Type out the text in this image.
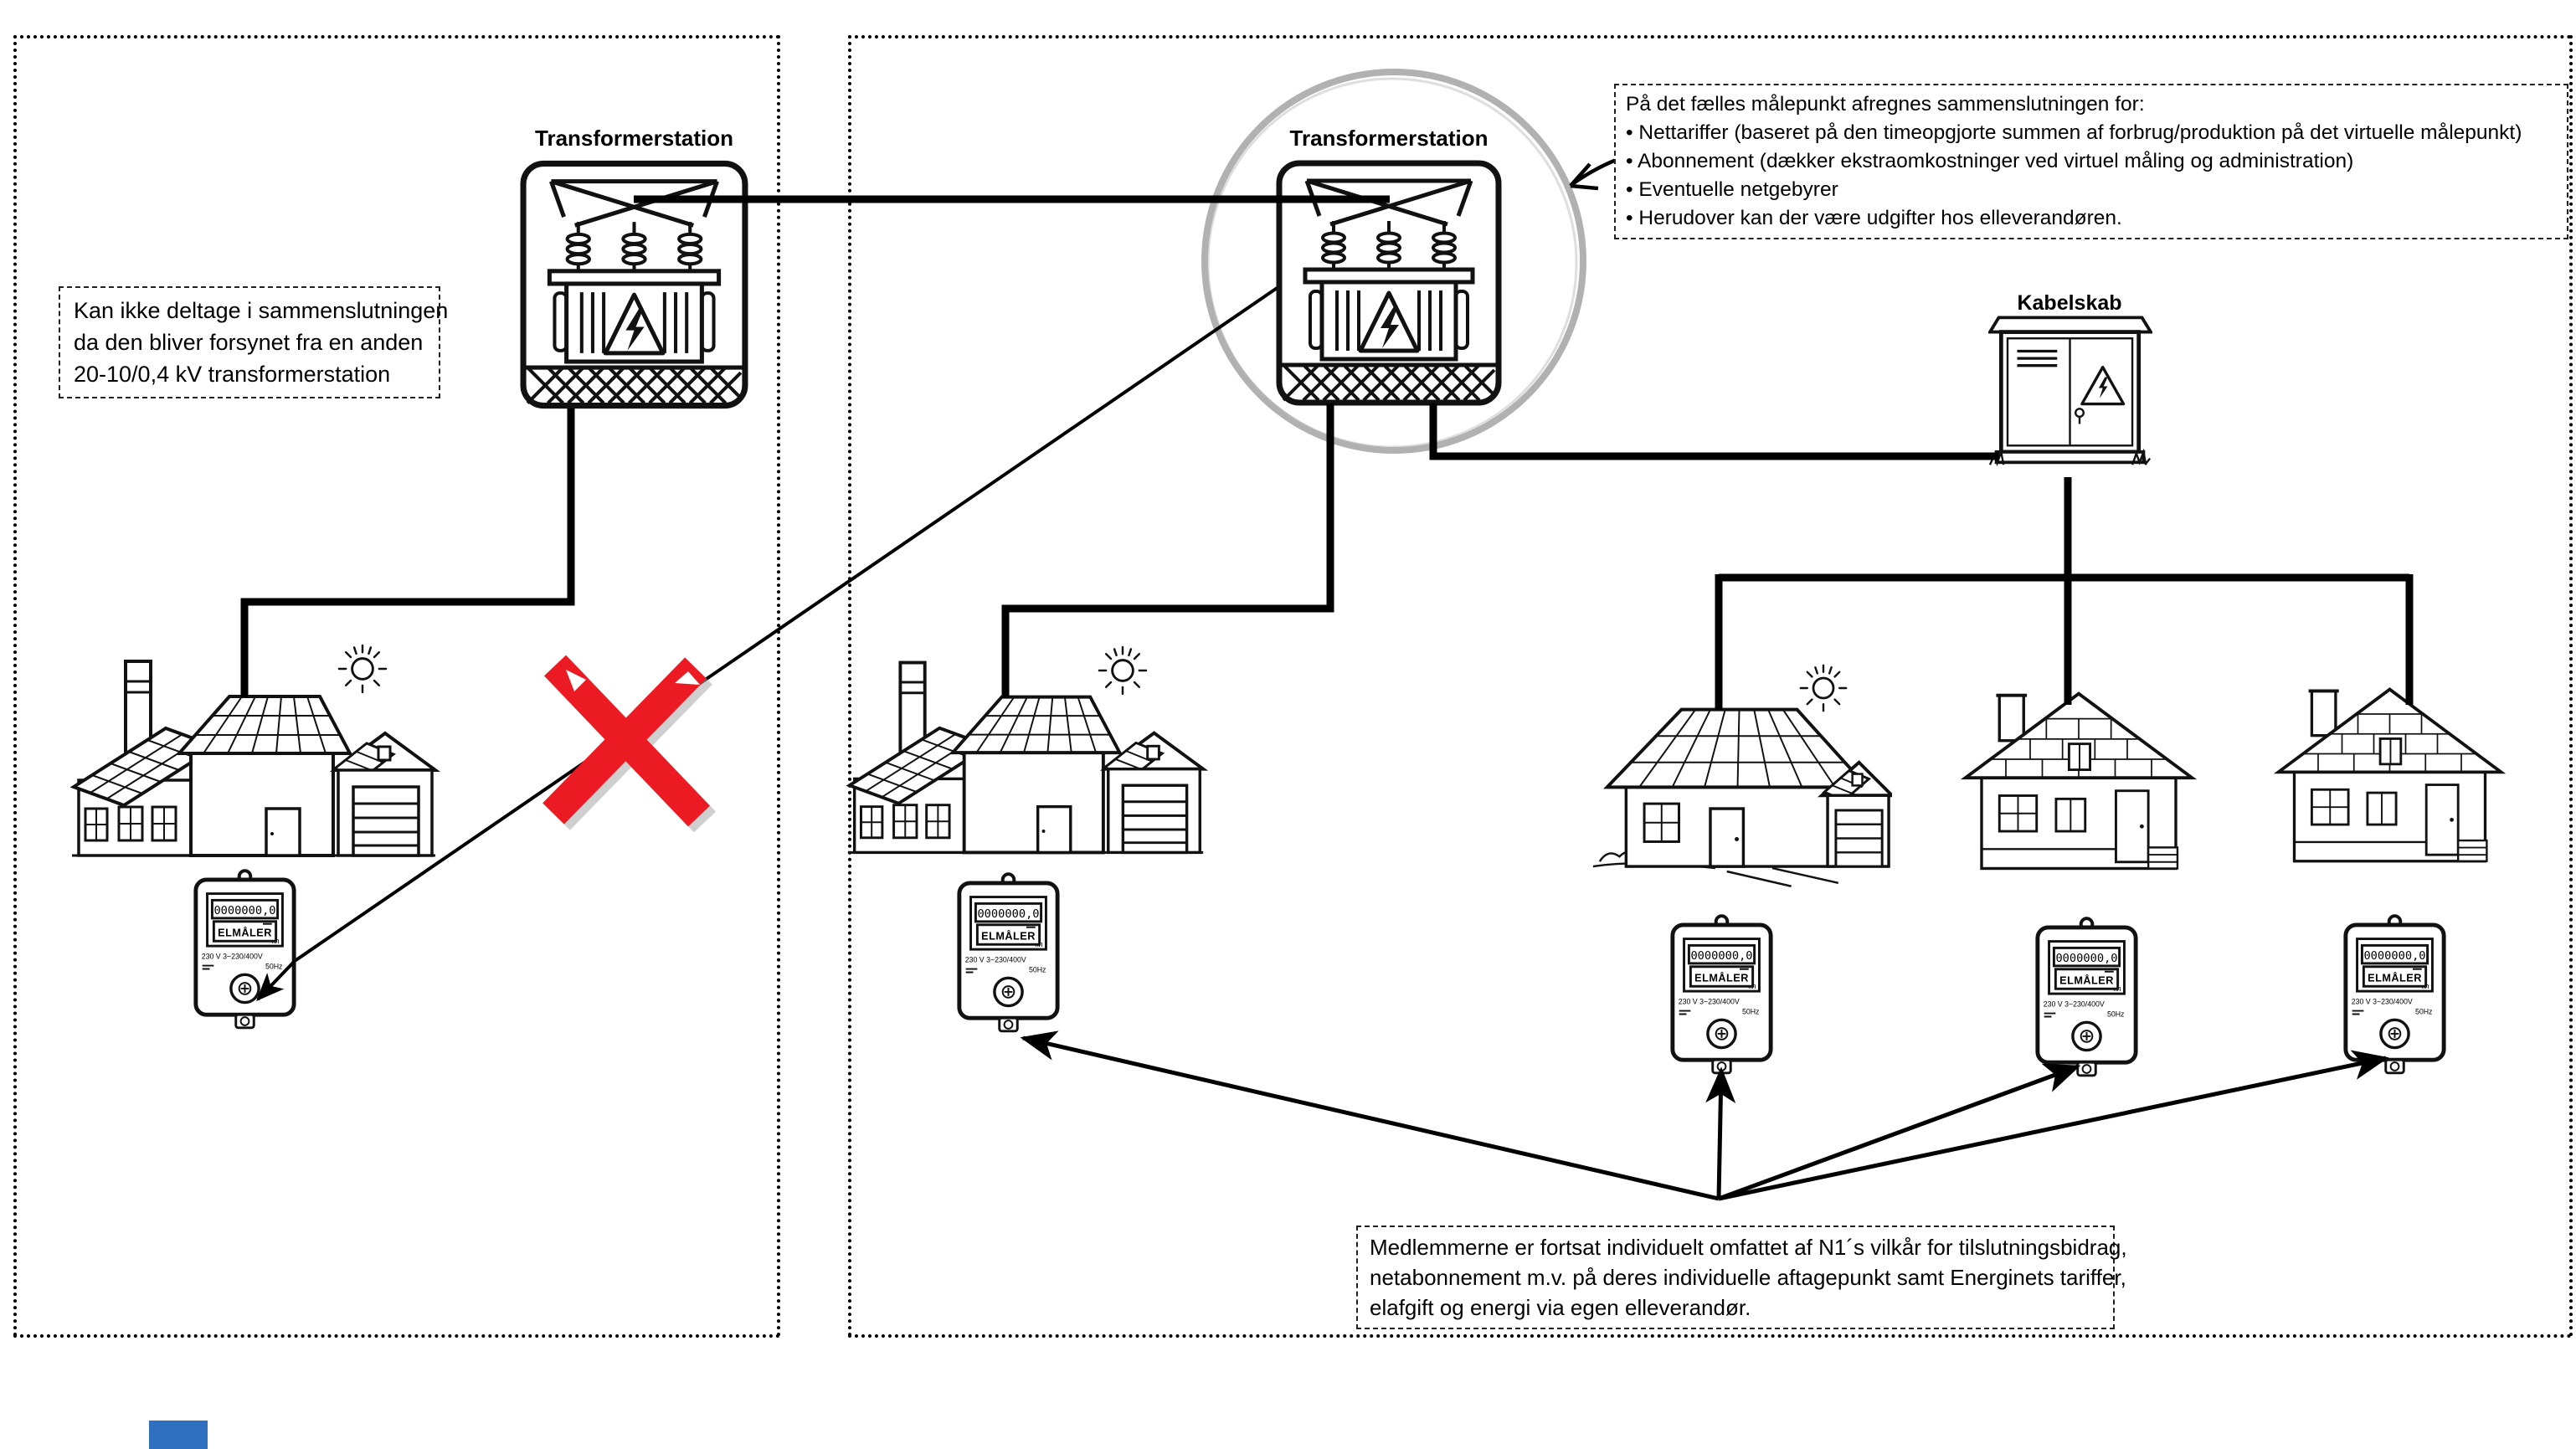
Transformerstation	Transformerstation
Kabelskab
Kan ikke deltage i sammenslutningen
da den bliver forsynet fra en anden
20-10/0,4 kV transformerstation
På det fælles målepunkt afregnes sammenslutningen for:
• Nettariffer (baseret på den timeopgjorte summen af forbrug/produktion på det virtuelle målepunkt)
• Abonnement (dækker ekstraomkostninger ved virtuel måling og administration)
• Eventuelle netgebyrer
• Herudover kan der være udgifter hos elleverandøren.
Medlemmerne er fortsat individuelt omfattet af N1´s vilkår for tilslutningsbidrag,
netabonnement m.v. på deres individuelle aftagepunkt samt Energinets tariffer,
elafgift og energi via egen elleverandør.
